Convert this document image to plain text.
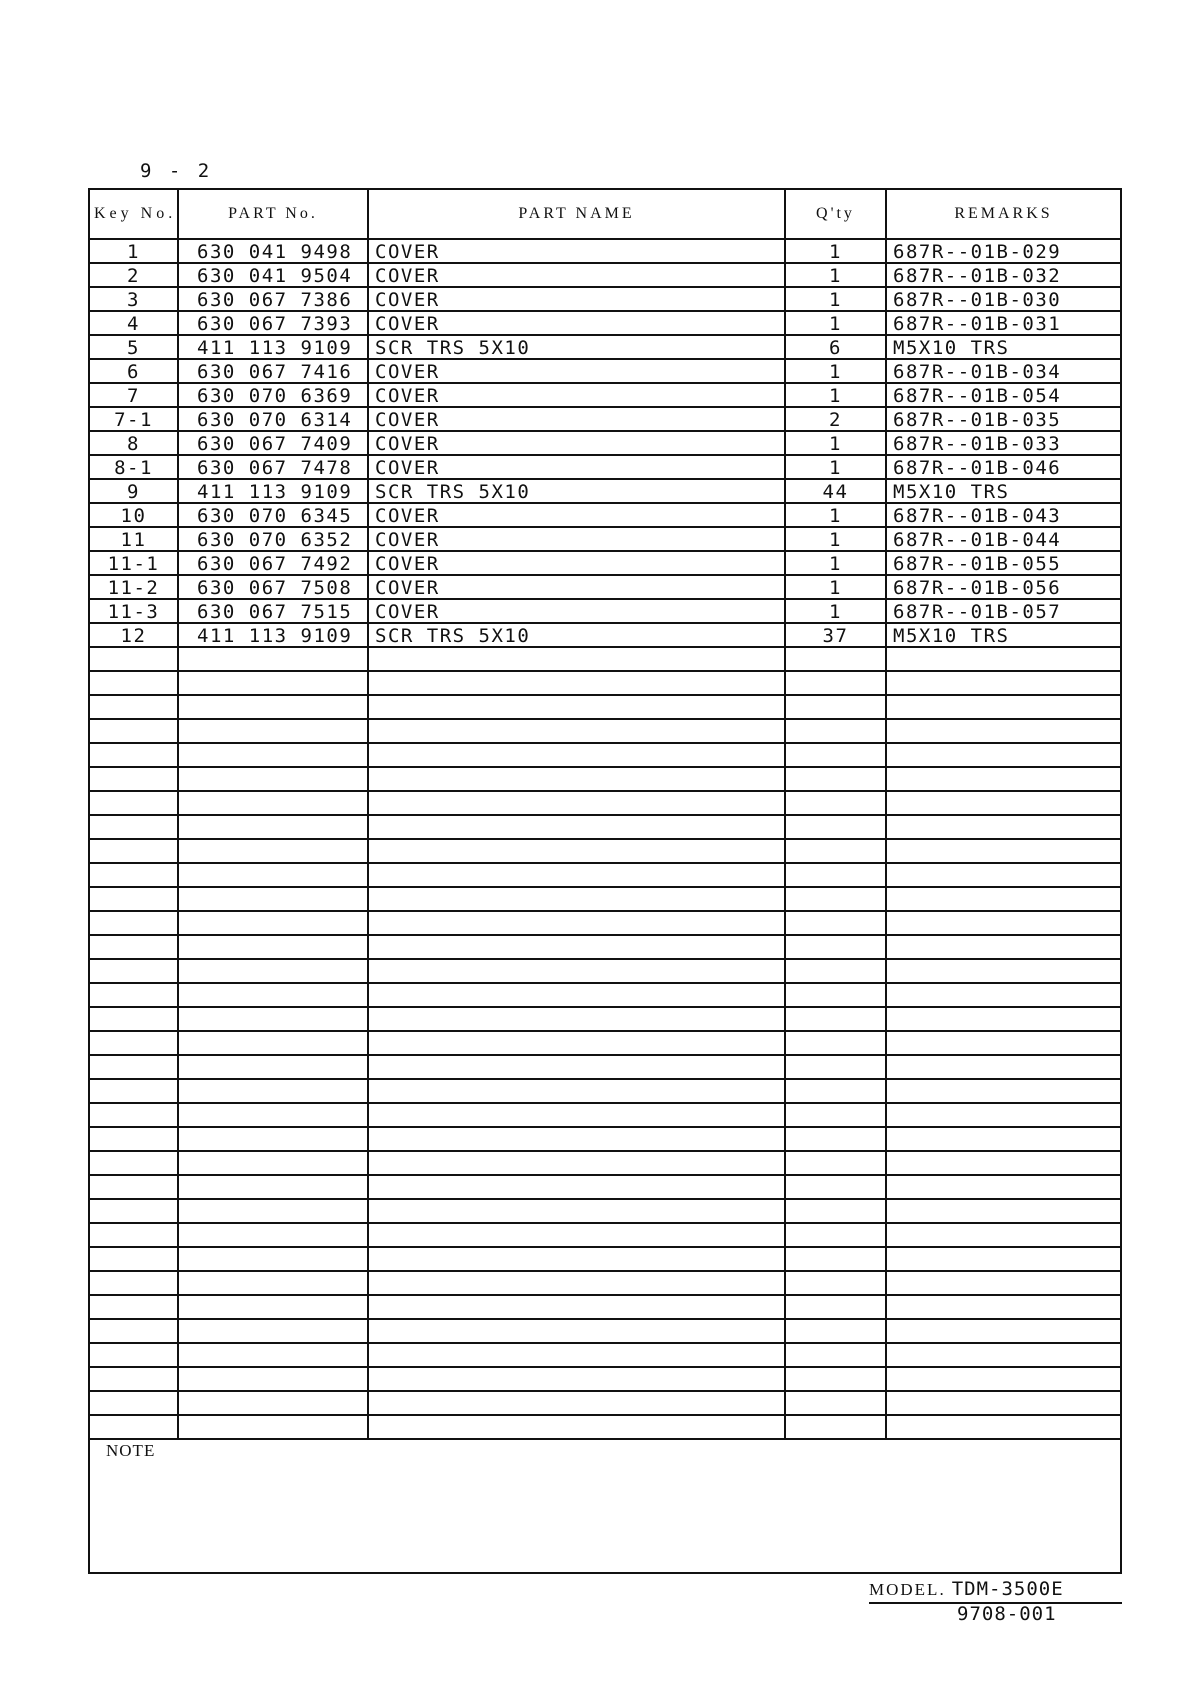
9 - 2
Key No.	PART No.	PART NAME	Q'ty	REMARKS
1	630 041 9498	COVER	1	687R--01B-029
2	630 041 9504	COVER	1	687R--01B-032
3	630 067 7386	COVER	1	687R--01B-030
4	630 067 7393	COVER	1	687R--01B-031
5	411 113 9109	SCR TRS 5X10	6	M5X10 TRS
6	630 067 7416	COVER	1	687R--01B-034
7	630 070 6369	COVER	1	687R--01B-054
7-1	630 070 6314	COVER	2	687R--01B-035
8	630 067 7409	COVER	1	687R--01B-033
8-1	630 067 7478	COVER	1	687R--01B-046
9	411 113 9109	SCR TRS 5X10	44	M5X10 TRS
10	630 070 6345	COVER	1	687R--01B-043
11	630 070 6352	COVER	1	687R--01B-044
11-1	630 067 7492	COVER	1	687R--01B-055
11-2	630 067 7508	COVER	1	687R--01B-056
11-3	630 067 7515	COVER	1	687R--01B-057
12	411 113 9109	SCR TRS 5X10	37	M5X10 TRS

NOTE
MODEL. TDM-3500E
9708-001
